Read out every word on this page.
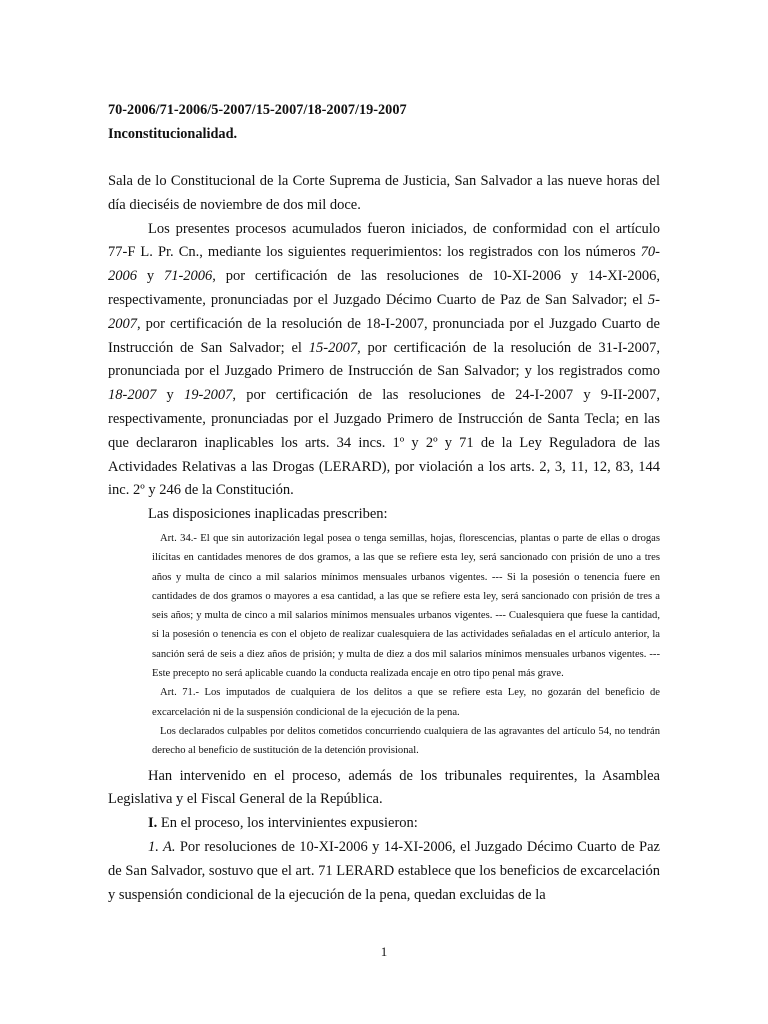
70-2006/71-2006/5-2007/15-2007/18-2007/19-2007
Inconstitucionalidad.

Sala de lo Constitucional de la Corte Suprema de Justicia, San Salvador a las nueve horas del día dieciséis de noviembre de dos mil doce.

Los presentes procesos acumulados fueron iniciados, de conformidad con el artículo 77-F L. Pr. Cn., mediante los siguientes requerimientos: los registrados con los números 70-2006 y 71-2006, por certificación de las resoluciones de 10-XI-2006 y 14-XI-2006, respectivamente, pronunciadas por el Juzgado Décimo Cuarto de Paz de San Salvador; el 5-2007, por certificación de la resolución de 18-I-2007, pronunciada por el Juzgado Cuarto de Instrucción de San Salvador; el 15-2007, por certificación de la resolución de 31-I-2007, pronunciada por el Juzgado Primero de Instrucción de San Salvador; y los registrados como 18-2007 y 19-2007, por certificación de las resoluciones de 24-I-2007 y 9-II-2007, respectivamente, pronunciadas por el Juzgado Primero de Instrucción de Santa Tecla; en las que declararon inaplicables los arts. 34 incs. 1º y 2º y 71 de la Ley Reguladora de las Actividades Relativas a las Drogas (LERARD), por violación a los arts. 2, 3, 11, 12, 83, 144 inc. 2º y 246 de la Constitución.

Las disposiciones inaplicadas prescriben:

Art. 34.- El que sin autorización legal posea o tenga semillas, hojas, florescencias, plantas o parte de ellas o drogas ilícitas en cantidades menores de dos gramos, a las que se refiere esta ley, será sancionado con prisión de uno a tres años y multa de cinco a mil salarios mínimos mensuales urbanos vigentes. --- Si la posesión o tenencia fuere en cantidades de dos gramos o mayores a esa cantidad, a las que se refiere esta ley, será sancionado con prisión de tres a seis años; y multa de cinco a mil salarios mínimos mensuales urbanos vigentes. --- Cualesquiera que fuese la cantidad, si la posesión o tenencia es con el objeto de realizar cualesquiera de las actividades señaladas en el artículo anterior, la sanción será de seis a diez años de prisión; y multa de diez a dos mil salarios mínimos mensuales urbanos vigentes. --- Este precepto no será aplicable cuando la conducta realizada encaje en otro tipo penal más grave.

Art. 71.- Los imputados de cualquiera de los delitos a que se refiere esta Ley, no gozarán del beneficio de excarcelación ni de la suspensión condicional de la ejecución de la pena.

Los declarados culpables por delitos cometidos concurriendo cualquiera de las agravantes del artículo 54, no tendrán derecho al beneficio de sustitución de la detención provisional.

Han intervenido en el proceso, además de los tribunales requirentes, la Asamblea Legislativa y el Fiscal General de la República.

I. En el proceso, los intervinientes expusieron:

1. A. Por resoluciones de 10-XI-2006 y 14-XI-2006, el Juzgado Décimo Cuarto de Paz de San Salvador, sostuvo que el art. 71 LERARD establece que los beneficios de excarcelación y suspensión condicional de la ejecución de la pena, quedan excluidas de la

1
